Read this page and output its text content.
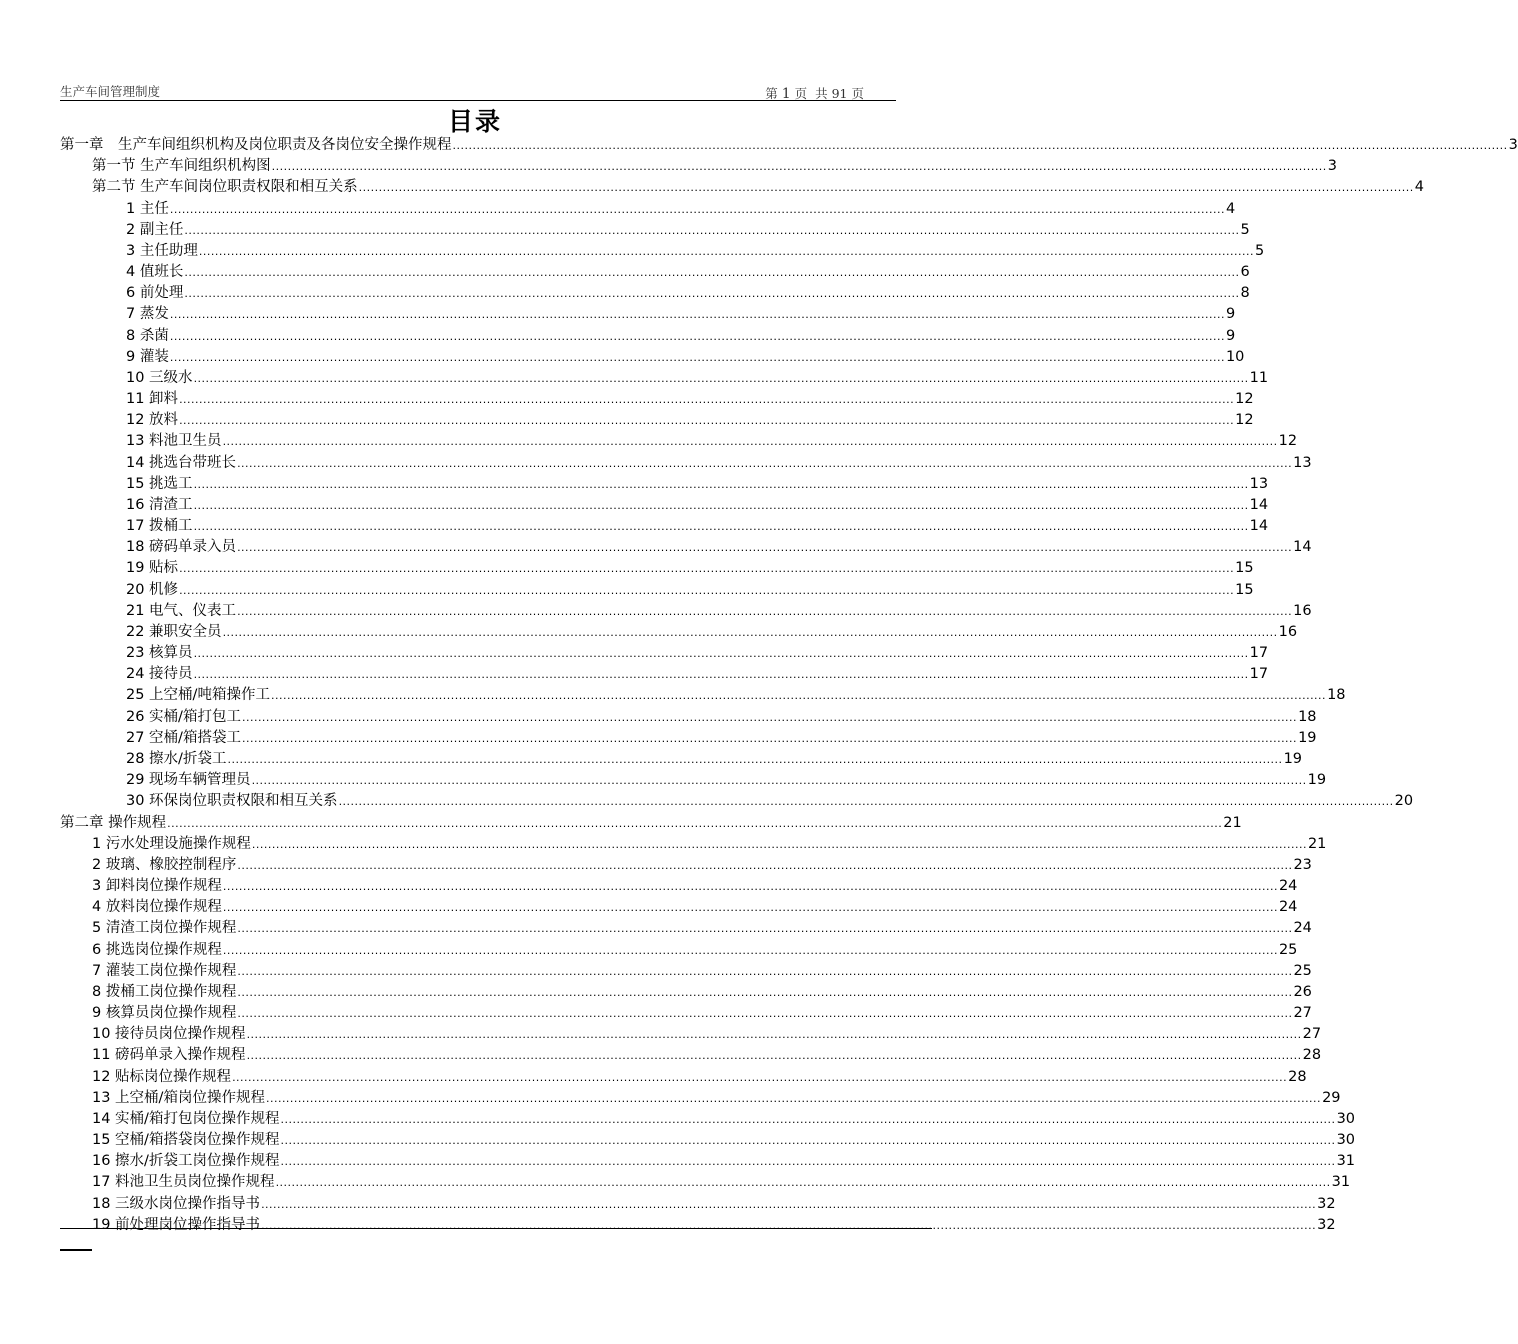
生产车间管理制度	第 1 页  共 91 页
目录
第一章　生产车间组织机构及岗位职责及各岗位安全操作规程 .....	3
第一节 生产车间组织机构图 .....	3
第二节 生产车间岗位职责权限和相互关系 .....	4
1 主任 .....	4
2 副主任 .....	5
3 主任助理 .....	5
4 值班长 .....	6
6 前处理 .....	8
7 蒸发 .....	9
8 杀菌 .....	9
9 灌装 .....	10
10 三级水 .....	11
11 卸料 .....	12
12 放料 .....	12
13 料池卫生员 .....	12
14 挑选台带班长 .....	13
15 挑选工 .....	13
16 清渣工 .....	14
17 拨桶工 .....	14
18 磅码单录入员 .....	14
19 贴标 .....	15
20 机修 .....	15
21 电气、仪表工 .....	16
22 兼职安全员 .....	16
23 核算员 .....	17
24 接待员 .....	17
25 上空桶/吨箱操作工 .....	18
26 实桶/箱打包工 .....	18
27 空桶/箱搭袋工 .....	19
28 擦水/折袋工 .....	19
29 现场车辆管理员 .....	19
30 环保岗位职责权限和相互关系 .....	20
第二章 操作规程 .....	21
1 污水处理设施操作规程 .....	21
2 玻璃、橡胶控制程序 .....	23
3 卸料岗位操作规程 .....	24
4 放料岗位操作规程 .....	24
5 清渣工岗位操作规程 .....	24
6 挑选岗位操作规程 .....	25
7 灌装工岗位操作规程 .....	25
8 拨桶工岗位操作规程 .....	26
9 核算员岗位操作规程 .....	27
10 接待员岗位操作规程 .....	27
11 磅码单录入操作规程 .....	28
12 贴标岗位操作规程 .....	28
13 上空桶/箱岗位操作规程 .....	29
14 实桶/箱打包岗位操作规程 .....	30
15 空桶/箱搭袋岗位操作规程 .....	30
16 擦水/折袋工岗位操作规程 .....	31
17 料池卫生员岗位操作规程 .....	31
18 三级水岗位操作指导书 .....	32
19 前处理岗位操作指导书 .....	32
